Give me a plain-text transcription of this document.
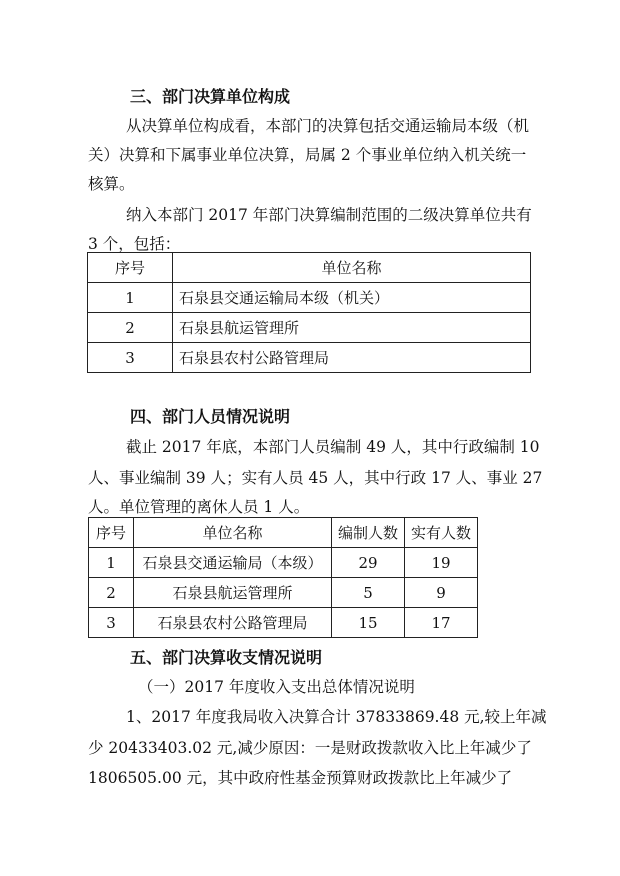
三、部门决算单位构成
从决算单位构成看，本部门的决算包括交通运输局本级（机
关）决算和下属事业单位决算，局属 2 个事业单位纳入机关统一
核算。
纳入本部门 2017 年部门决算编制范围的二级决算单位共有
3 个，包括：
序号	单位名称
1	石泉县交通运输局本级（机关）
2	石泉县航运管理所
3	石泉县农村公路管理局
四、部门人员情况说明
截止 2017 年底，本部门人员编制 49 人，其中行政编制 10
人、事业编制 39 人；实有人员 45 人，其中行政 17 人、事业 27
人。单位管理的离休人员 1 人。
序号	单位名称	编制人数	实有人数
1	石泉县交通运输局（本级）	29	19
2	石泉县航运管理所	5	9
3	石泉县农村公路管理局	15	17
五、部门决算收支情况说明
（一）2017 年度收入支出总体情况说明
1、2017 年度我局收入决算合计 37833869.48 元,较上年减
少 20433403.02 元,减少原因：一是财政拨款收入比上年减少了
1806505.00 元，其中政府性基金预算财政拨款比上年减少了
